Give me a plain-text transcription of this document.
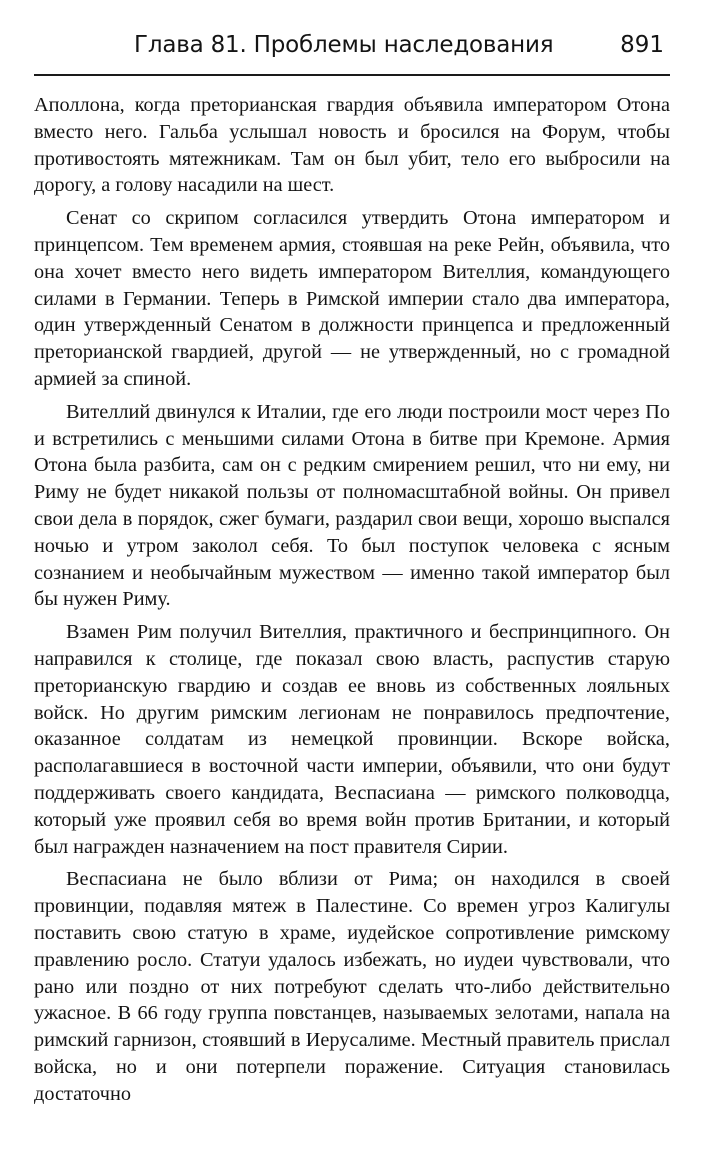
Глава 81. Проблемы наследования	891

Аполлона, когда преторианская гвардия объявила императором Отона вместо него. Гальба услышал новость и бросился на Форум, чтобы противостоять мятежникам. Там он был убит, тело его выбросили на дорогу, а голову насадили на шест.

Сенат со скрипом согласился утвердить Отона императором и принцепсом. Тем временем армия, стоявшая на реке Рейн, объявила, что она хочет вместо него видеть императором Вителлия, командующего силами в Германии. Теперь в Римской империи стало два императора, один утвержденный Сенатом в должности принцепса и предложенный преторианской гвардией, другой — не утвержденный, но с громадной армией за спиной.

Вителлий двинулся к Италии, где его люди построили мост через По и встретились с меньшими силами Отона в битве при Кремоне. Армия Отона была разбита, сам он с редким смирением решил, что ни ему, ни Риму не будет никакой пользы от полномасштабной войны. Он привел свои дела в порядок, сжег бумаги, раздарил свои вещи, хорошо выспался ночью и утром заколол себя. То был поступок человека с ясным сознанием и необычайным мужеством — именно такой император был бы нужен Риму.

Взамен Рим получил Вителлия, практичного и беспринципного. Он направился к столице, где показал свою власть, распустив старую преторианскую гвардию и создав ее вновь из собственных лояльных войск. Но другим римским легионам не понравилось предпочтение, оказанное солдатам из немецкой провинции. Вскоре войска, располагавшиеся в восточной части империи, объявили, что они будут поддерживать своего кандидата, Веспасиана — римского полководца, который уже проявил себя во время войн против Британии, и который был награжден назначением на пост правителя Сирии.

Веспасиана не было вблизи от Рима; он находился в своей провинции, подавляя мятеж в Палестине. Со времен угроз Калигулы поставить свою статую в храме, иудейское сопротивление римскому правлению росло. Статуи удалось избежать, но иудеи чувствовали, что рано или поздно от них потребуют сделать что-либо действительно ужасное. В 66 году группа повстанцев, называемых зелотами, напала на римский гарнизон, стоявший в Иерусалиме. Местный правитель прислал войска, но и они потерпели поражение. Ситуация становилась достаточно
